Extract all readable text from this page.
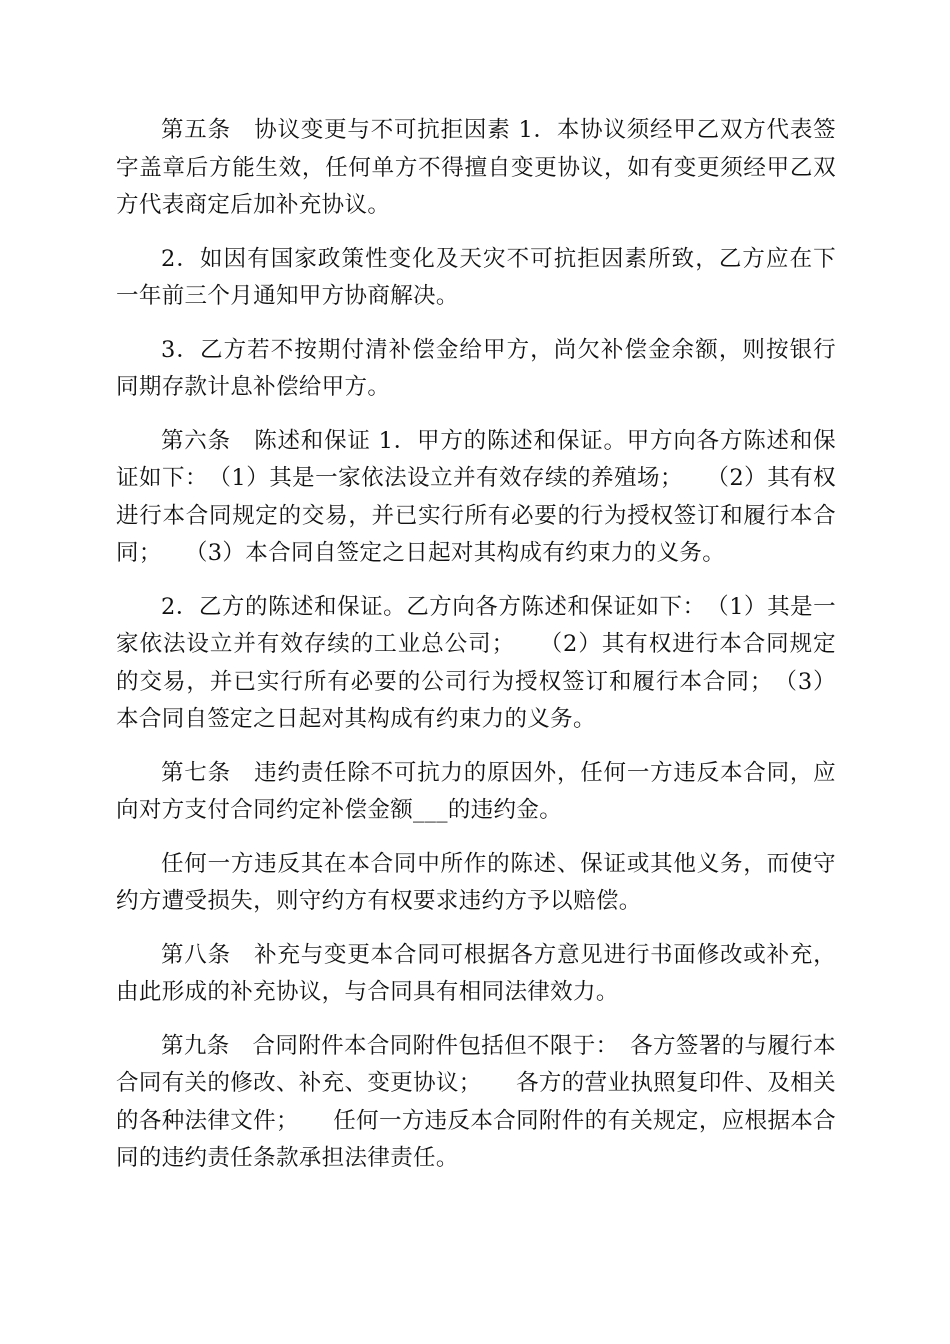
第五条　协议变更与不可抗拒因素 1．本协议须经甲乙双方代表签字盖章后方能生效，任何单方不得擅自变更协议，如有变更须经甲乙双方代表商定后加补充协议。

2．如因有国家政策性变化及天灾不可抗拒因素所致，乙方应在下一年前三个月通知甲方协商解决。

3．乙方若不按期付清补偿金给甲方，尚欠补偿金余额，则按银行同期存款计息补偿给甲方。

第六条　陈述和保证 1．甲方的陈述和保证。甲方向各方陈述和保证如下：　（1）其是一家依法设立并有效存续的养殖场；　　（2）其有权进行本合同规定的交易，并已实行所有必要的行为授权签订和履行本合同；　　（3）本合同自签定之日起对其构成有约束力的义务。

2．乙方的陈述和保证。乙方向各方陈述和保证如下：　（1）其是一家依法设立并有效存续的工业总公司；　　（2）其有权进行本合同规定的交易，并已实行所有必要的公司行为授权签订和履行本合同；　（3）本合同自签定之日起对其构成有约束力的义务。

第七条　违约责任除不可抗力的原因外，任何一方违反本合同，应向对方支付合同约定补偿金额___的违约金。

任何一方违反其在本合同中所作的陈述、保证或其他义务，而使守约方遭受损失，则守约方有权要求违约方予以赔偿。

第八条　补充与变更本合同可根据各方意见进行书面修改或补充，由此形成的补充协议，与合同具有相同法律效力。

第九条　合同附件本合同附件包括但不限于：　各方签署的与履行本合同有关的修改、补充、变更协议；　　各方的营业执照复印件、及相关的各种法律文件；　　任何一方违反本合同附件的有关规定，应根据本合同的违约责任条款承担法律责任。
